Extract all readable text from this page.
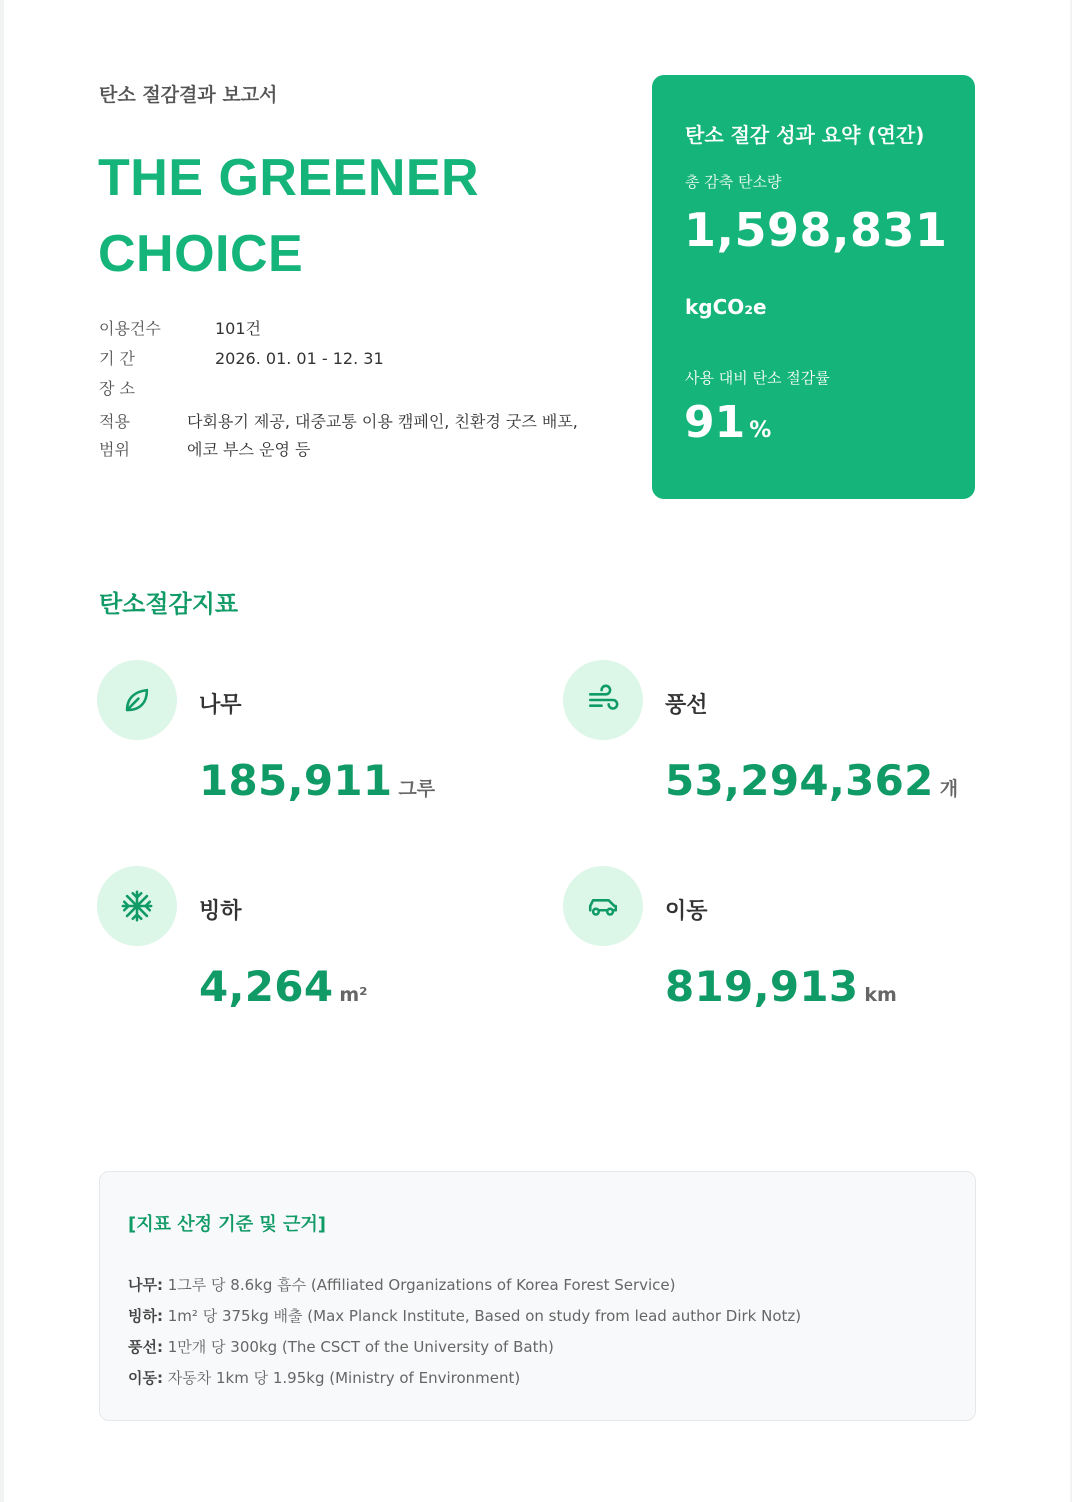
탄소 절감결과 보고서
THE GREENER
CHOICE
이용건수	101건
기 간	2026. 01. 01 - 12. 31
장 소
적용 범위
다회용기 제공, 대중교통 이용 캠페인, 친환경 굿즈 배포, 에코 부스 운영 등
탄소 절감 성과 요약 (연간)
총 감축 탄소량
1,598,831
kgCO₂e
사용 대비 탄소 절감률
91 %
탄소절감지표
나무
185,911 그루
풍선
53,294,362 개
빙하
4,264 m²
이동
819,913 km
[지표 산정 기준 및 근거]
나무: 1그루 당 8.6kg 흡수 (Affiliated Organizations of Korea Forest Service)
빙하: 1m² 당 375kg 배출 (Max Planck Institute, Based on study from lead author Dirk Notz)
풍선: 1만개 당 300kg (The CSCT of the University of Bath)
이동: 자동차 1km 당 1.95kg (Ministry of Environment)
